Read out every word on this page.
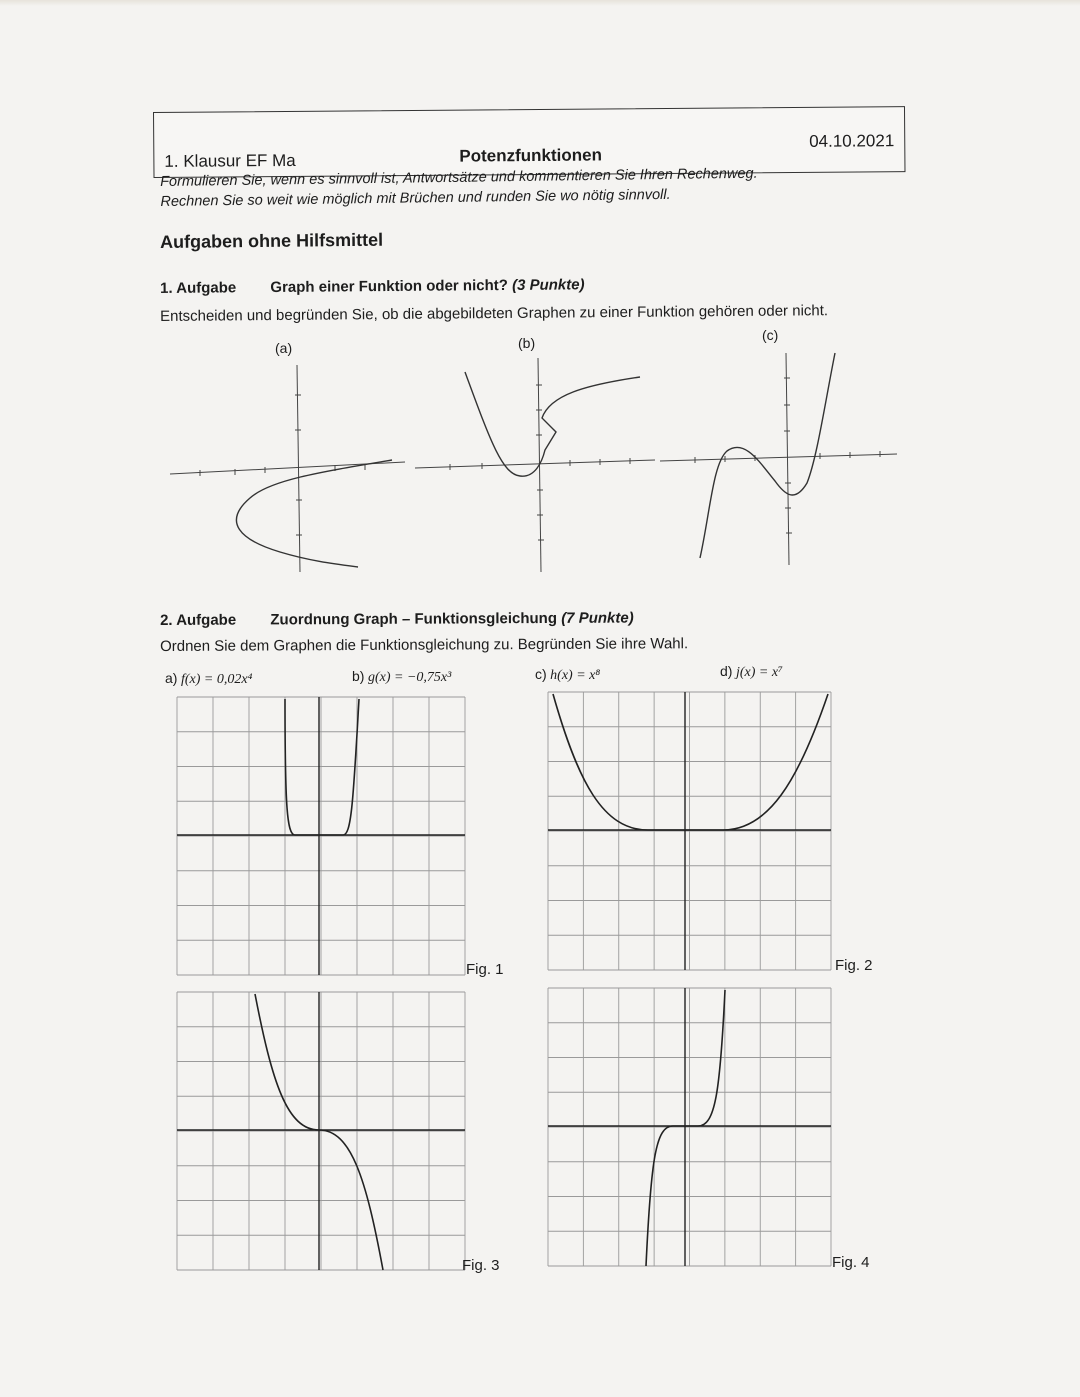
1. Klausur EF Ma	Potenzfunktionen
04.10.2021
Formulieren Sie, wenn es sinnvoll ist, Antwortsätze und kommentieren Sie Ihren Rechenweg.
Rechnen Sie so weit wie möglich mit Brüchen und runden Sie wo nötig sinnvoll.
Aufgaben ohne Hilfsmittel
1. Aufgabe Graph einer Funktion oder nicht? (3 Punkte)
Entscheiden und begründen Sie, ob die abgebildeten Graphen zu einer Funktion gehören oder nicht.
(a)	(b)	(c)
2. Aufgabe Zuordnung Graph – Funktionsgleichung (7 Punkte)
Ordnen Sie dem Graphen die Funktionsgleichung zu. Begründen Sie ihre Wahl.
a) f(x) = 0,02x⁴	b) g(x) = −0,75x³	c) h(x) = x⁸	d) j(x) = x⁷
Fig. 1	Fig. 2
Fig. 3	Fig. 4
